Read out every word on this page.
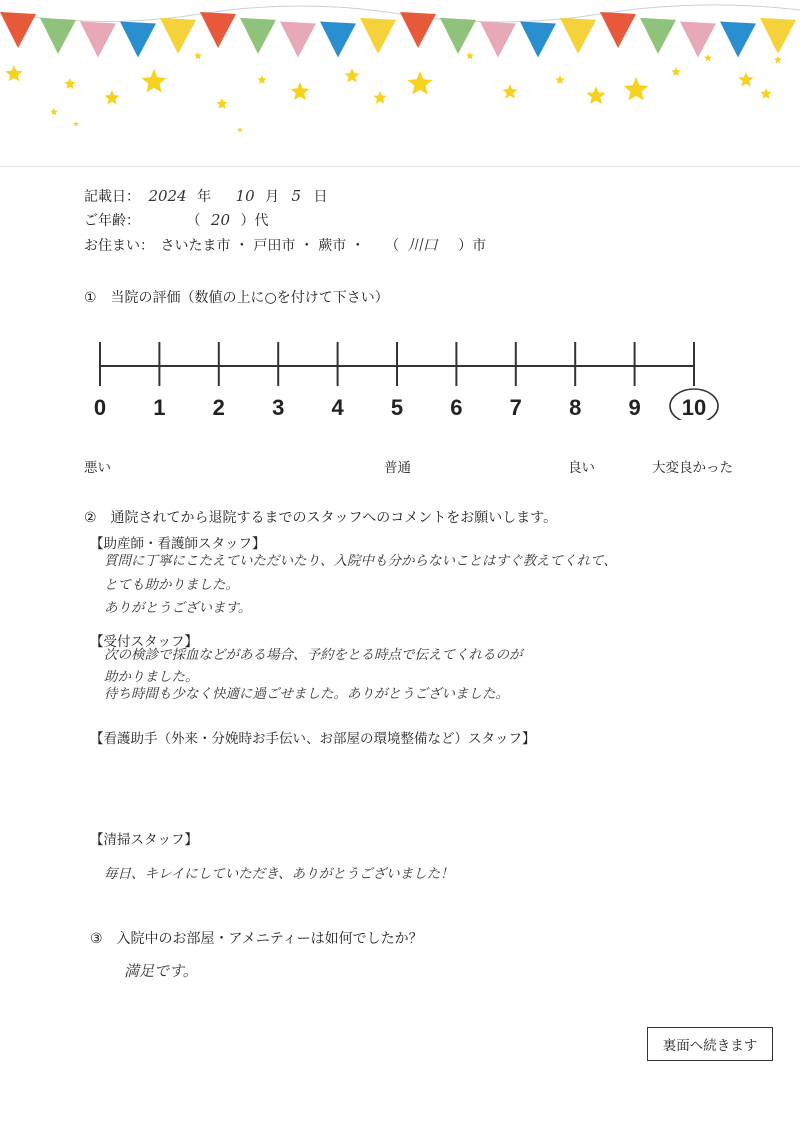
記載日： 2024 年 10 月 5 日
ご年齢：	（ 20 ）代
お住まい： さいたま市 ・ 戸田市 ・ 蕨市 ・ （ 川口 ）市
①　当院の評価（数値の上に○を付けて下さい）
0 1 2 3 4 5 6 7 8 9 10
悪い	普通	良い	大変良かった
②　通院されてから退院するまでのスタッフへのコメントをお願いします。
【助産師・看護師スタッフ】
質問に丁寧にこたえていただいたり、入院中も分からないことはすぐ教えてくれて、
とても助かりました。
ありがとうございます。
【受付スタッフ】
次の検診で採血などがある場合、予約をとる時点で伝えてくれるのが
助かりました。
待ち時間も少なく快適に過ごせました。ありがとうございました。
【看護助手（外来・分娩時お手伝い、お部屋の環境整備など）スタッフ】
【清掃スタッフ】
毎日、キレイにしていただき、ありがとうございました！
③　入院中のお部屋・アメニティーは如何でしたか？
満足です。
裏面へ続きます
